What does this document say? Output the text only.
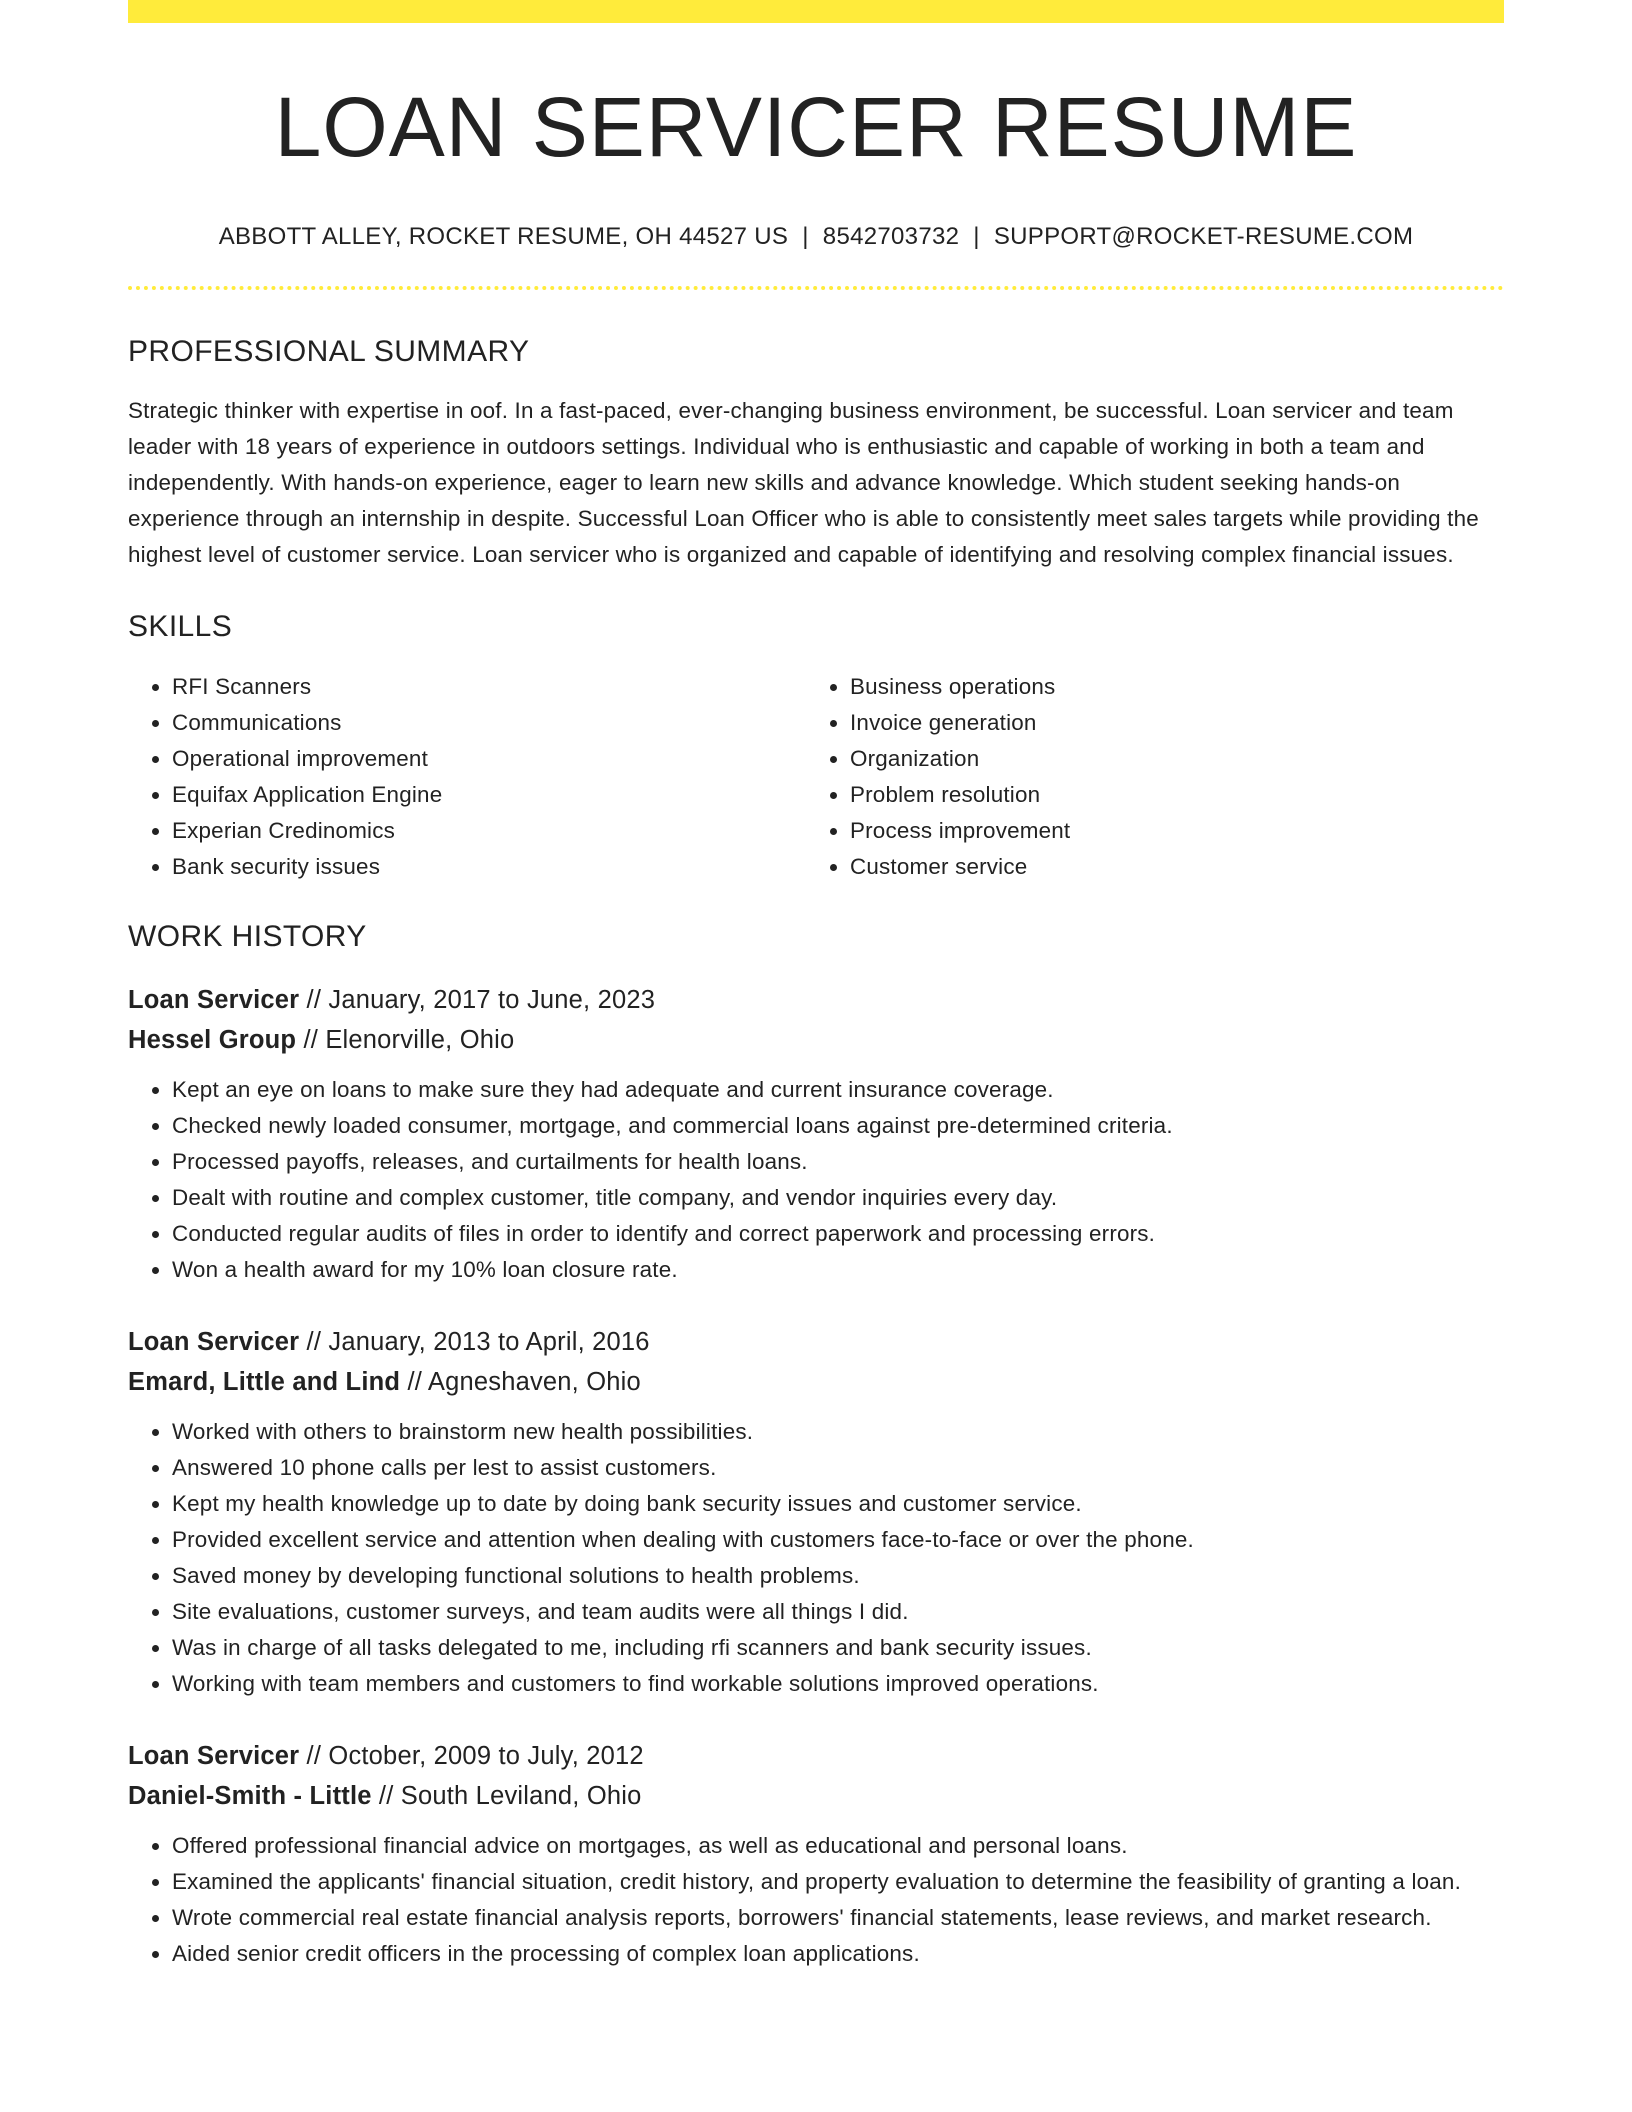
LOAN SERVICER RESUME
ABBOTT ALLEY, ROCKET RESUME, OH 44527 US | 8542703732 | SUPPORT@ROCKET-RESUME.COM
PROFESSIONAL SUMMARY
Strategic thinker with expertise in oof. In a fast-paced, ever-changing business environment, be successful. Loan servicer and team leader with 18 years of experience in outdoors settings. Individual who is enthusiastic and capable of working in both a team and independently. With hands-on experience, eager to learn new skills and advance knowledge. Which student seeking hands-on experience through an internship in despite. Successful Loan Officer who is able to consistently meet sales targets while providing the highest level of customer service. Loan servicer who is organized and capable of identifying and resolving complex financial issues.
SKILLS
• RFI Scanners
• Communications
• Operational improvement
• Equifax Application Engine
• Experian Credinomics
• Bank security issues
• Business operations
• Invoice generation
• Organization
• Problem resolution
• Process improvement
• Customer service
WORK HISTORY
Loan Servicer // January, 2017 to June, 2023
Hessel Group // Elenorville, Ohio
• Kept an eye on loans to make sure they had adequate and current insurance coverage.
• Checked newly loaded consumer, mortgage, and commercial loans against pre-determined criteria.
• Processed payoffs, releases, and curtailments for health loans.
• Dealt with routine and complex customer, title company, and vendor inquiries every day.
• Conducted regular audits of files in order to identify and correct paperwork and processing errors.
• Won a health award for my 10% loan closure rate.
Loan Servicer // January, 2013 to April, 2016
Emard, Little and Lind // Agneshaven, Ohio
• Worked with others to brainstorm new health possibilities.
• Answered 10 phone calls per lest to assist customers.
• Kept my health knowledge up to date by doing bank security issues and customer service.
• Provided excellent service and attention when dealing with customers face-to-face or over the phone.
• Saved money by developing functional solutions to health problems.
• Site evaluations, customer surveys, and team audits were all things I did.
• Was in charge of all tasks delegated to me, including rfi scanners and bank security issues.
• Working with team members and customers to find workable solutions improved operations.
Loan Servicer // October, 2009 to July, 2012
Daniel-Smith - Little // South Leviland, Ohio
• Offered professional financial advice on mortgages, as well as educational and personal loans.
• Examined the applicants' financial situation, credit history, and property evaluation to determine the feasibility of granting a loan.
• Wrote commercial real estate financial analysis reports, borrowers' financial statements, lease reviews, and market research.
• Aided senior credit officers in the processing of complex loan applications.
